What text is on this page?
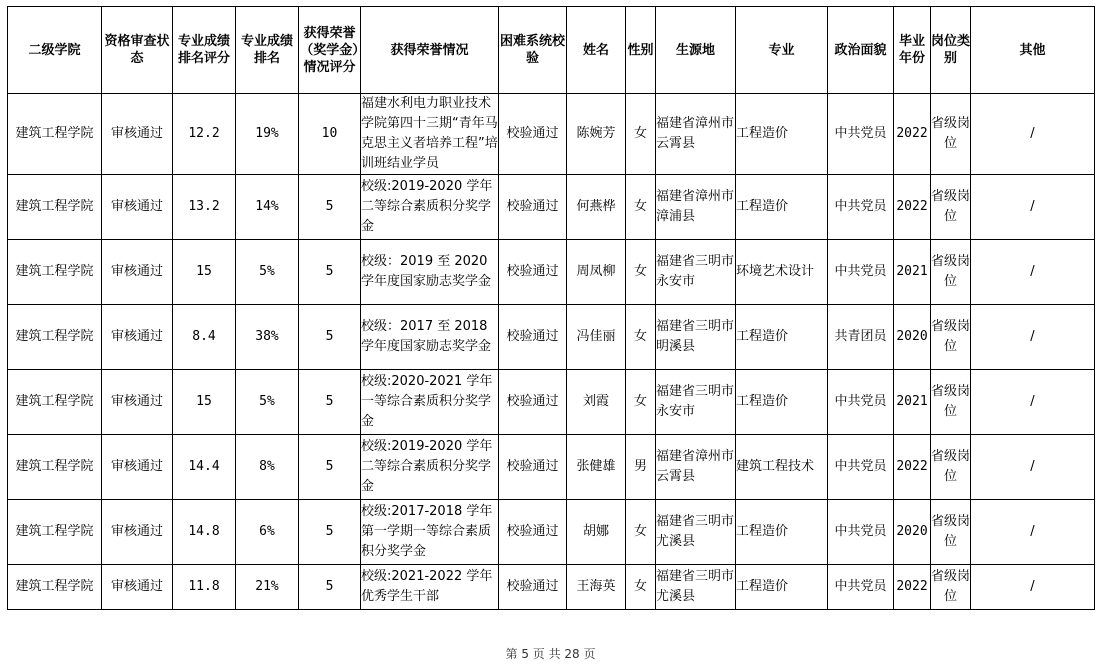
二级学院	资格审查状态	专业成绩排名评分	专业成绩排名	获得荣誉（奖学金）情况评分	获得荣誉情况	困难系统校验	姓名	性别	生源地	专业	政治面貌	毕业年份	岗位类别	其他
建筑工程学院	审核通过	12.2	19%	10	福建水利电力职业技术学院第四十三期“青年马克思主义者培养工程”培训班结业学员	校验通过	陈婉芳	女	福建省漳州市云霄县	工程造价	中共党员	2022	省级岗位	/
建筑工程学院	审核通过	13.2	14%	5	校级:2019-2020 学年二等综合素质积分奖学金	校验通过	何燕桦	女	福建省漳州市漳浦县	工程造价	中共党员	2022	省级岗位	/
建筑工程学院	审核通过	15	5%	5	校级：2019 至 2020 学年度国家励志奖学金	校验通过	周凤柳	女	福建省三明市永安市	环境艺术设计	中共党员	2021	省级岗位	/
建筑工程学院	审核通过	8.4	38%	5	校级：2017 至 2018 学年度国家励志奖学金	校验通过	冯佳丽	女	福建省三明市明溪县	工程造价	共青团员	2020	省级岗位	/
建筑工程学院	审核通过	15	5%	5	校级:2020-2021 学年一等综合素质积分奖学金	校验通过	刘霞	女	福建省三明市永安市	工程造价	中共党员	2021	省级岗位	/
建筑工程学院	审核通过	14.4	8%	5	校级:2019-2020 学年二等综合素质积分奖学金	校验通过	张健雄	男	福建省漳州市云霄县	建筑工程技术	中共党员	2022	省级岗位	/
建筑工程学院	审核通过	14.8	6%	5	校级:2017-2018 学年第一学期一等综合素质积分奖学金	校验通过	胡娜	女	福建省三明市尤溪县	工程造价	中共党员	2020	省级岗位	/
建筑工程学院	审核通过	11.8	21%	5	校级:2021-2022 学年优秀学生干部	校验通过	王海英	女	福建省三明市尤溪县	工程造价	中共党员	2022	省级岗位	/
第 5 页 共 28 页
